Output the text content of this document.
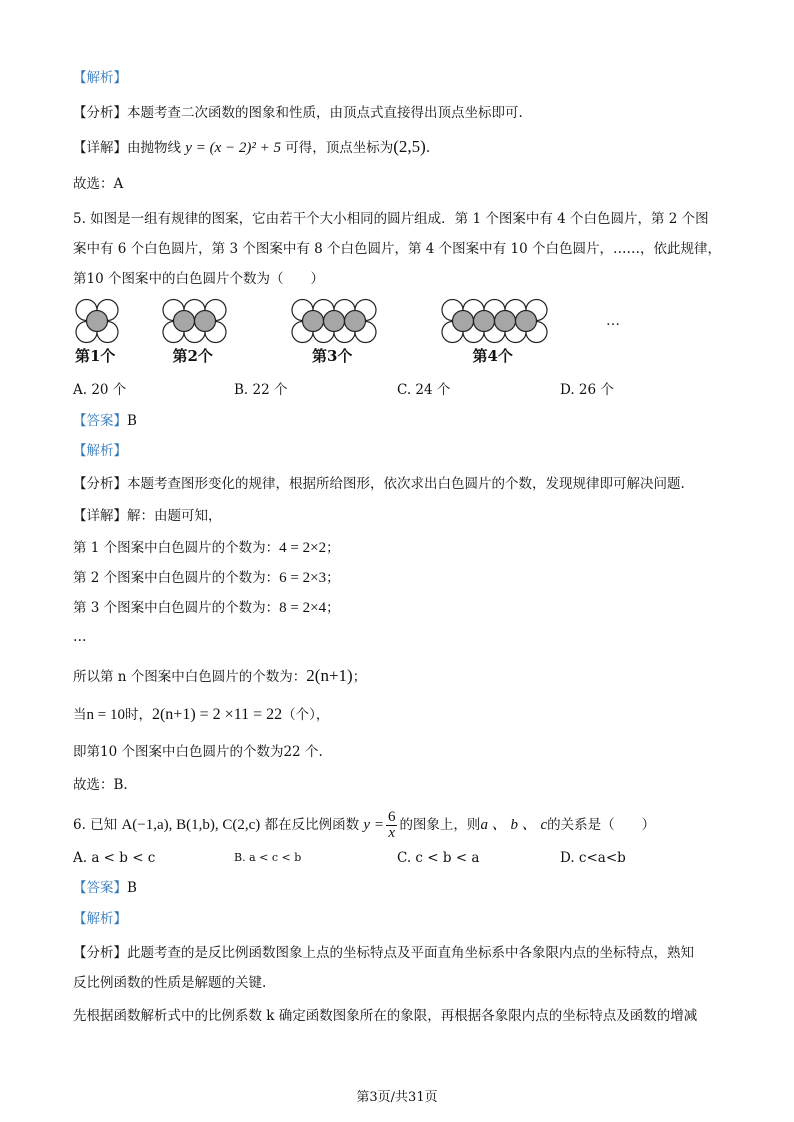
【解析】
【分析】本题考查二次函数的图象和性质，由顶点式直接得出顶点坐标即可.
【详解】由抛物线 y = (x − 2)² + 5 可得，顶点坐标为(2,5).
故选：A
5. 如图是一组有规律的图案，它由若干个大小相同的圆片组成．第 1 个图案中有 4 个白色圆片，第 2 个图
案中有 6 个白色圆片，第 3 个图案中有 8 个白色圆片，第 4 个图案中有 10 个白色圆片，……，依此规律，
第10 个图案中的白色圆片个数为（　　）
…
第1个	第2个	第3个	第4个
A. 20 个	B. 22 个	C. 24 个	D. 26 个
【答案】B
【解析】
【分析】本题考查图形变化的规律，根据所给图形，依次求出白色圆片的个数，发现规律即可解决问题.
【详解】解：由题可知，
第 1 个图案中白色圆片的个数为：4 = 2×2；
第 2 个图案中白色圆片的个数为：6 = 2×3；
第 3 个图案中白色圆片的个数为：8 = 2×4；
…
所以第 n 个图案中白色圆片的个数为：2(n+1)；
当n = 10时，2(n+1) = 2 ×11 = 22（个），
即第10 个图案中白色圆片的个数为22 个.
故选：B.
6. 已知 A(−1,a), B(1,b), C(2,c) 都在反比例函数 $y = \frac{6}{x}$ 的图象上，则a 、 b 、 c的关系是（　　）
A. a < b < c	B. a < c < b	C. c < b < a	D. c<a<b
【答案】B
【解析】
【分析】此题考查的是反比例函数图象上点的坐标特点及平面直角坐标系中各象限内点的坐标特点，熟知
反比例函数的性质是解题的关键.
先根据函数解析式中的比例系数 k 确定函数图象所在的象限，再根据各象限内点的坐标特点及函数的增减
第3页/共31页
